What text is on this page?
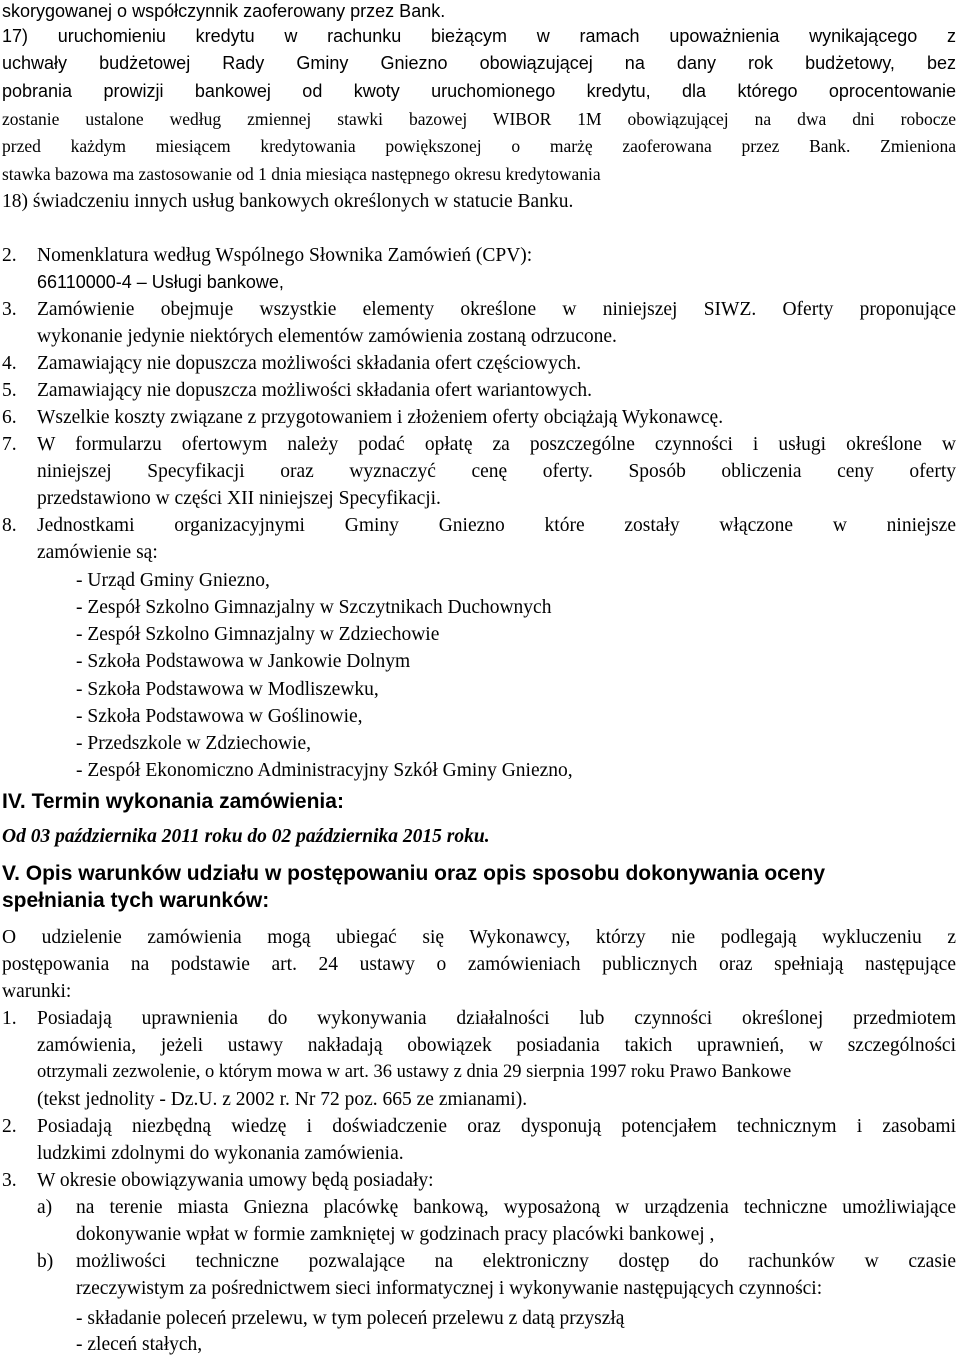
skorygowanej o współczynnik zaoferowany przez Bank.
17) uruchomieniu kredytu w rachunku bieżącym w ramach upoważnienia wynikającego z
uchwały budżetowej Rady Gminy Gniezno obowiązującej na dany rok budżetowy, bez
pobrania prowizji bankowej od kwoty uruchomionego kredytu, dla którego oprocentowanie
zostanie ustalone według zmiennej stawki bazowej WIBOR 1M obowiązującej na dwa dni robocze
przed każdym miesiącem kredytowania powiększonej o marżę zaoferowana przez Bank. Zmieniona
stawka bazowa ma zastosowanie od 1 dnia miesiąca następnego okresu kredytowania
18) świadczeniu innych usług bankowych określonych w statucie Banku.
2. Nomenklatura według Wspólnego Słownika Zamówień (CPV):
66110000-4 – Usługi bankowe,
3. Zamówienie obejmuje wszystkie elementy określone w niniejszej SIWZ. Oferty proponujące
wykonanie jedynie niektórych elementów zamówienia zostaną odrzucone.
4. Zamawiający nie dopuszcza możliwości składania ofert częściowych.
5. Zamawiający nie dopuszcza możliwości składania ofert wariantowych.
6. Wszelkie koszty związane z przygotowaniem i złożeniem oferty obciążają Wykonawcę.
7. W formularzu ofertowym należy podać opłatę za poszczególne czynności i usługi określone w
niniejszej Specyfikacji oraz wyznaczyć cenę oferty. Sposób obliczenia ceny oferty
przedstawiono w części XII niniejszej Specyfikacji.
8. Jednostkami organizacyjnymi Gminy Gniezno które zostały włączone w niniejsze
zamówienie są:
- Urząd Gminy Gniezno,
- Zespół Szkolno Gimnazjalny w Szczytnikach Duchownych
- Zespół Szkolno Gimnazjalny w Zdziechowie
- Szkoła Podstawowa w Jankowie Dolnym
- Szkoła Podstawowa w Modliszewku,
- Szkoła Podstawowa w Goślinowie,
- Przedszkole w Zdziechowie,
- Zespół Ekonomiczno Administracyjny Szkół Gminy Gniezno,
IV. Termin wykonania zamówienia:
Od 03 października 2011 roku do 02 października 2015 roku.
V. Opis warunków udziału w postępowaniu oraz opis sposobu dokonywania oceny
spełniania tych warunków:
O udzielenie zamówienia mogą ubiegać się Wykonawcy, którzy nie podlegają wykluczeniu z
postępowania na podstawie art. 24 ustawy o zamówieniach publicznych oraz spełniają następujące
warunki:
1. Posiadają uprawnienia do wykonywania działalności lub czynności określonej przedmiotem
zamówienia, jeżeli ustawy nakładają obowiązek posiadania takich uprawnień, w szczególności
otrzymali zezwolenie, o którym mowa w art. 36 ustawy z dnia 29 sierpnia 1997 roku Prawo Bankowe
(tekst jednolity - Dz.U. z 2002 r. Nr 72 poz. 665 ze zmianami).
2. Posiadają niezbędną wiedzę i doświadczenie oraz dysponują potencjałem technicznym i zasobami
ludzkimi zdolnymi do wykonania zamówienia.
3. W okresie obowiązywania umowy będą posiadały:
a) na terenie miasta Gniezna placówkę bankową, wyposażoną w urządzenia techniczne umożliwiające
dokonywanie wpłat w formie zamkniętej w godzinach pracy placówki bankowej ,
b) możliwości techniczne pozwalające na elektroniczny dostęp do rachunków w czasie
rzeczywistym za pośrednictwem sieci informatycznej i wykonywanie następujących czynności:
- składanie poleceń przelewu, w tym poleceń przelewu z datą przyszłą
- zleceń stałych,
